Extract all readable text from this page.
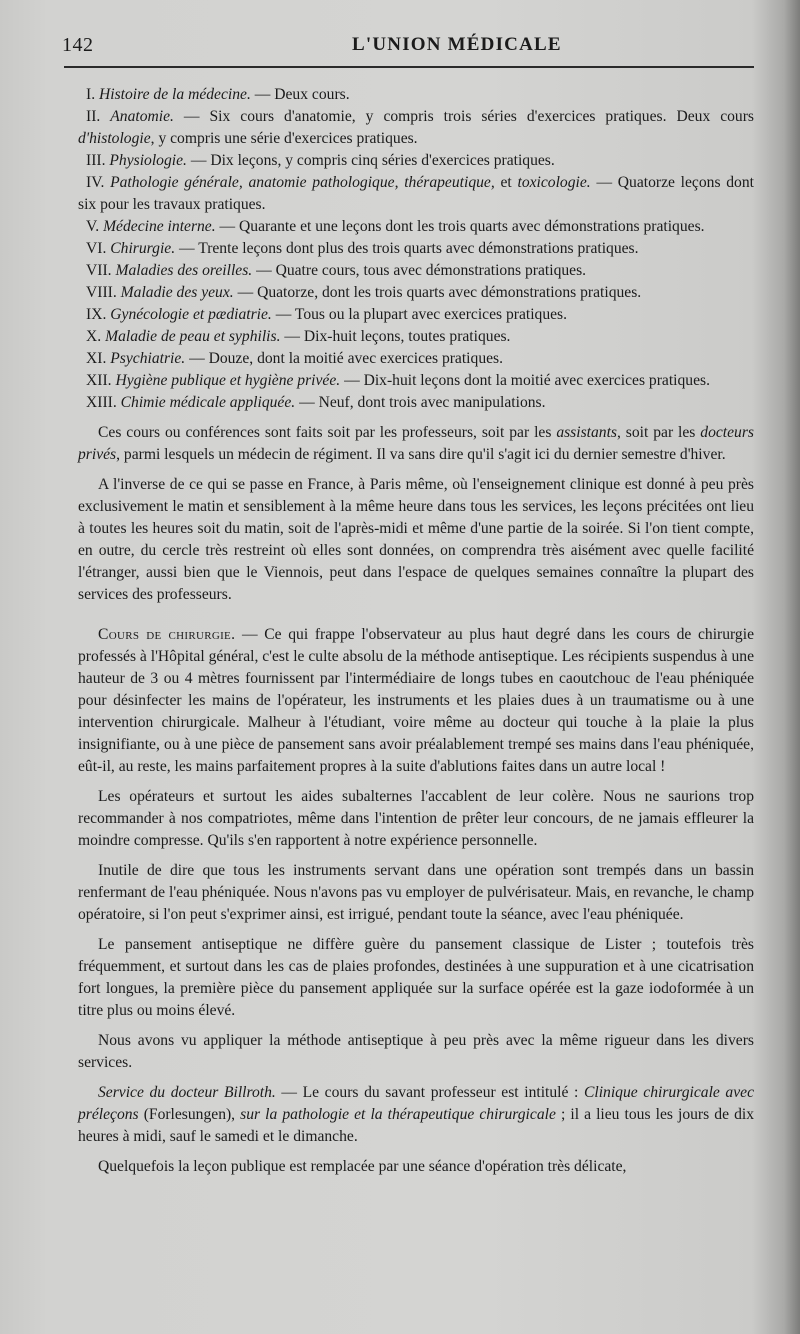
142	L'UNION MÉDICALE

I. Histoire de la médecine. — Deux cours.

II. Anatomie. — Six cours d'anatomie, y compris trois séries d'exercices pratiques. Deux cours d'histologie, y compris une série d'exercices pratiques.

III. Physiologie. — Dix leçons, y compris cinq séries d'exercices pratiques.

IV. Pathologie générale, anatomie pathologique, thérapeutique, et toxicologie. — Quatorze leçons dont six pour les travaux pratiques.

V. Médecine interne. — Quarante et une leçons dont les trois quarts avec démonstrations pratiques.

VI. Chirurgie. — Trente leçons dont plus des trois quarts avec démonstrations pratiques.

VII. Maladies des oreilles. — Quatre cours, tous avec démonstrations pratiques.

VIII. Maladie des yeux. — Quatorze, dont les trois quarts avec démonstrations pratiques.

IX. Gynécologie et pædiatrie. — Tous ou la plupart avec exercices pratiques.

X. Maladie de peau et syphilis. — Dix-huit leçons, toutes pratiques.

XI. Psychiatrie. — Douze, dont la moitié avec exercices pratiques.

XII. Hygiène publique et hygiène privée. — Dix-huit leçons dont la moitié avec exercices pratiques.

XIII. Chimie médicale appliquée. — Neuf, dont trois avec manipulations.

Ces cours ou conférences sont faits soit par les professeurs, soit par les assistants, soit par les docteurs privés, parmi lesquels un médecin de régiment. Il va sans dire qu'il s'agit ici du dernier semestre d'hiver.

A l'inverse de ce qui se passe en France, à Paris même, où l'enseignement clinique est donné à peu près exclusivement le matin et sensiblement à la même heure dans tous les services, les leçons précitées ont lieu à toutes les heures soit du matin, soit de l'après-midi et même d'une partie de la soirée. Si l'on tient compte, en outre, du cercle très restreint où elles sont données, on comprendra très aisément avec quelle facilité l'étranger, aussi bien que le Viennois, peut dans l'espace de quelques semaines connaître la plupart des services des professeurs.

Cours de chirurgie. — Ce qui frappe l'observateur au plus haut degré dans les cours de chirurgie professés à l'Hôpital général, c'est le culte absolu de la méthode antiseptique. Les récipients suspendus à une hauteur de 3 ou 4 mètres fournissent par l'intermédiaire de longs tubes en caoutchouc de l'eau phéniquée pour désinfecter les mains de l'opérateur, les instruments et les plaies dues à un traumatisme ou à une intervention chirurgicale. Malheur à l'étudiant, voire même au docteur qui touche à la plaie la plus insignifiante, ou à une pièce de pansement sans avoir préalablement trempé ses mains dans l'eau phéniquée, eût-il, au reste, les mains parfaitement propres à la suite d'ablutions faites dans un autre local !

Les opérateurs et surtout les aides subalternes l'accablent de leur colère. Nous ne saurions trop recommander à nos compatriotes, même dans l'intention de prêter leur concours, de ne jamais effleurer la moindre compresse. Qu'ils s'en rapportent à notre expérience personnelle.

Inutile de dire que tous les instruments servant dans une opération sont trempés dans un bassin renfermant de l'eau phéniquée. Nous n'avons pas vu employer de pulvérisateur. Mais, en revanche, le champ opératoire, si l'on peut s'exprimer ainsi, est irrigué, pendant toute la séance, avec l'eau phéniquée.

Le pansement antiseptique ne diffère guère du pansement classique de Lister ; toutefois très fréquemment, et surtout dans les cas de plaies profondes, destinées à une suppuration et à une cicatrisation fort longues, la première pièce du pansement appliquée sur la surface opérée est la gaze iodoformée à un titre plus ou moins élevé.

Nous avons vu appliquer la méthode antiseptique à peu près avec la même rigueur dans les divers services.

Service du docteur Billroth. — Le cours du savant professeur est intitulé : Clinique chirurgicale avec préleçons (Forlesungen), sur la pathologie et la thérapeutique chirurgicale ; il a lieu tous les jours de dix heures à midi, sauf le samedi et le dimanche.

Quelquefois la leçon publique est remplacée par une séance d'opération très délicate,
